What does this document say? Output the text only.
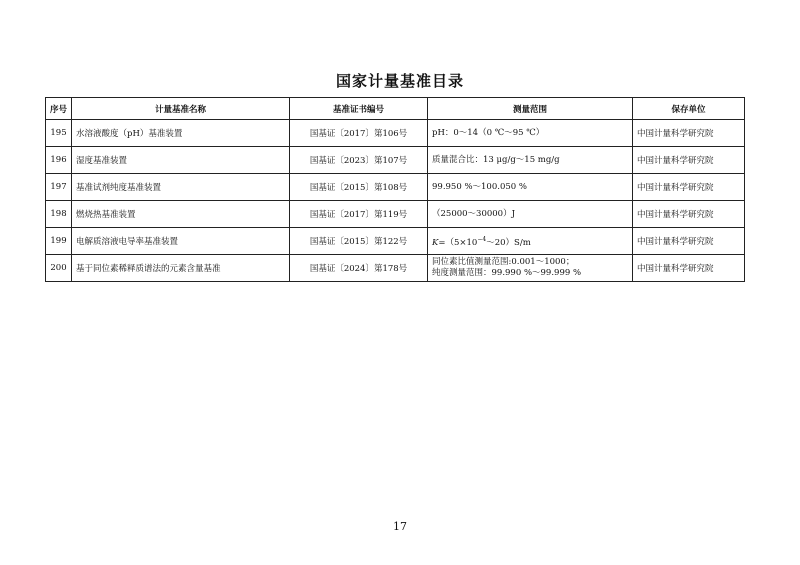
国家计量基准目录
序号	计量基准名称	基准证书编号	测量范围	保存单位
195	水溶液酸度（pH）基准装置	国基证〔2017〕第106号	pH：0～14（0 ℃～95 ℃）	中国计量科学研究院
196	湿度基准装置	国基证〔2023〕第107号	质量混合比：13 μg/g～15 mg/g	中国计量科学研究院
197	基准试剂纯度基准装置	国基证〔2015〕第108号	99.950 %～100.050 %	中国计量科学研究院
198	燃烧热基准装置	国基证〔2017〕第119号	（25000～30000）J	中国计量科学研究院
199	电解质溶液电导率基准装置	国基证〔2015〕第122号	$K=(5\times 10^{-4}\sim 20)S/m$	中国计量科学研究院
200	基于同位素稀释质谱法的元素含量基准	国基证〔2024〕第178号	同位素比值测量范围:0.001～1000；
纯度测量范围：99.990 %～99.999 %	中国计量科学研究院
17
